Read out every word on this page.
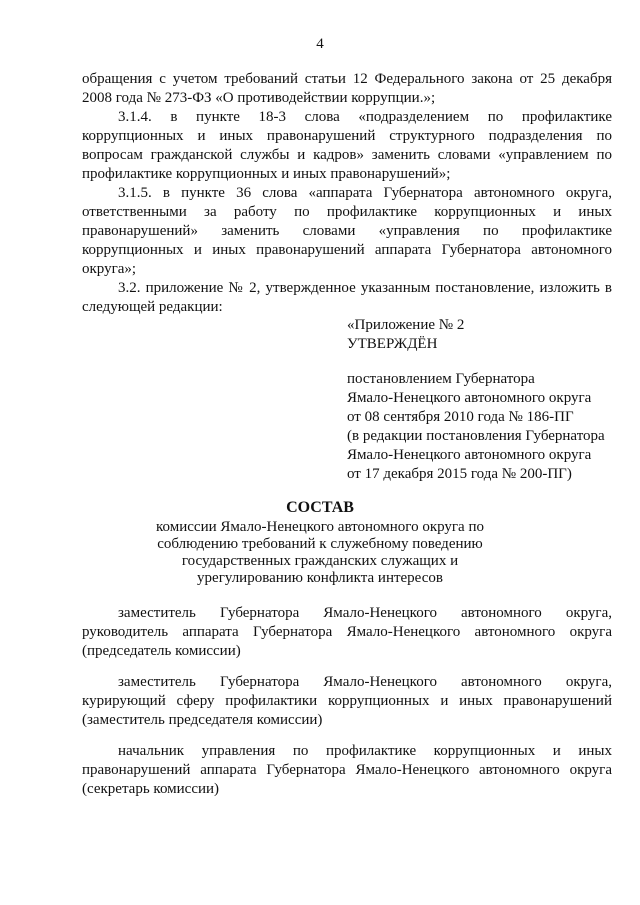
4

обращения с учетом требований статьи 12 Федерального закона от 25 декабря 2008 года № 273-ФЗ «О противодействии коррупции.»;

3.1.4. в пункте 18-3 слова «подразделением по профилактике коррупционных и иных правонарушений структурного подразделения по вопросам гражданской службы и кадров» заменить словами «управлением по профилактике коррупционных и иных правонарушений»;

3.1.5. в пункте 36 слова «аппарата Губернатора автономного округа, ответственными за работу по профилактике коррупционных и иных правонарушений» заменить словами «управления по профилактике коррупционных и иных правонарушений аппарата Губернатора автономного округа»;

3.2. приложение № 2, утвержденное указанным постановление, изложить в следующей редакции:

«Приложение № 2
УТВЕРЖДЁН
постановлением Губернатора
Ямало-Ненецкого автономного округа
от 08 сентября 2010 года № 186-ПГ
(в редакции постановления Губернатора
Ямало-Ненецкого автономного округа
от 17 декабря 2015 года № 200-ПГ)
СОСТАВ
комиссии Ямало-Ненецкого автономного округа по соблюдению требований к служебному поведению государственных гражданских служащих и урегулированию конфликта интересов

заместитель Губернатора Ямало-Ненецкого автономного округа, руководитель аппарата Губернатора Ямало-Ненецкого автономного округа (председатель комиссии)

заместитель Губернатора Ямало-Ненецкого автономного округа, курирующий сферу профилактики коррупционных и иных правонарушений (заместитель председателя комиссии)

начальник управления по профилактике коррупционных и иных правонарушений аппарата Губернатора Ямало-Ненецкого автономного округа (секретарь комиссии)
